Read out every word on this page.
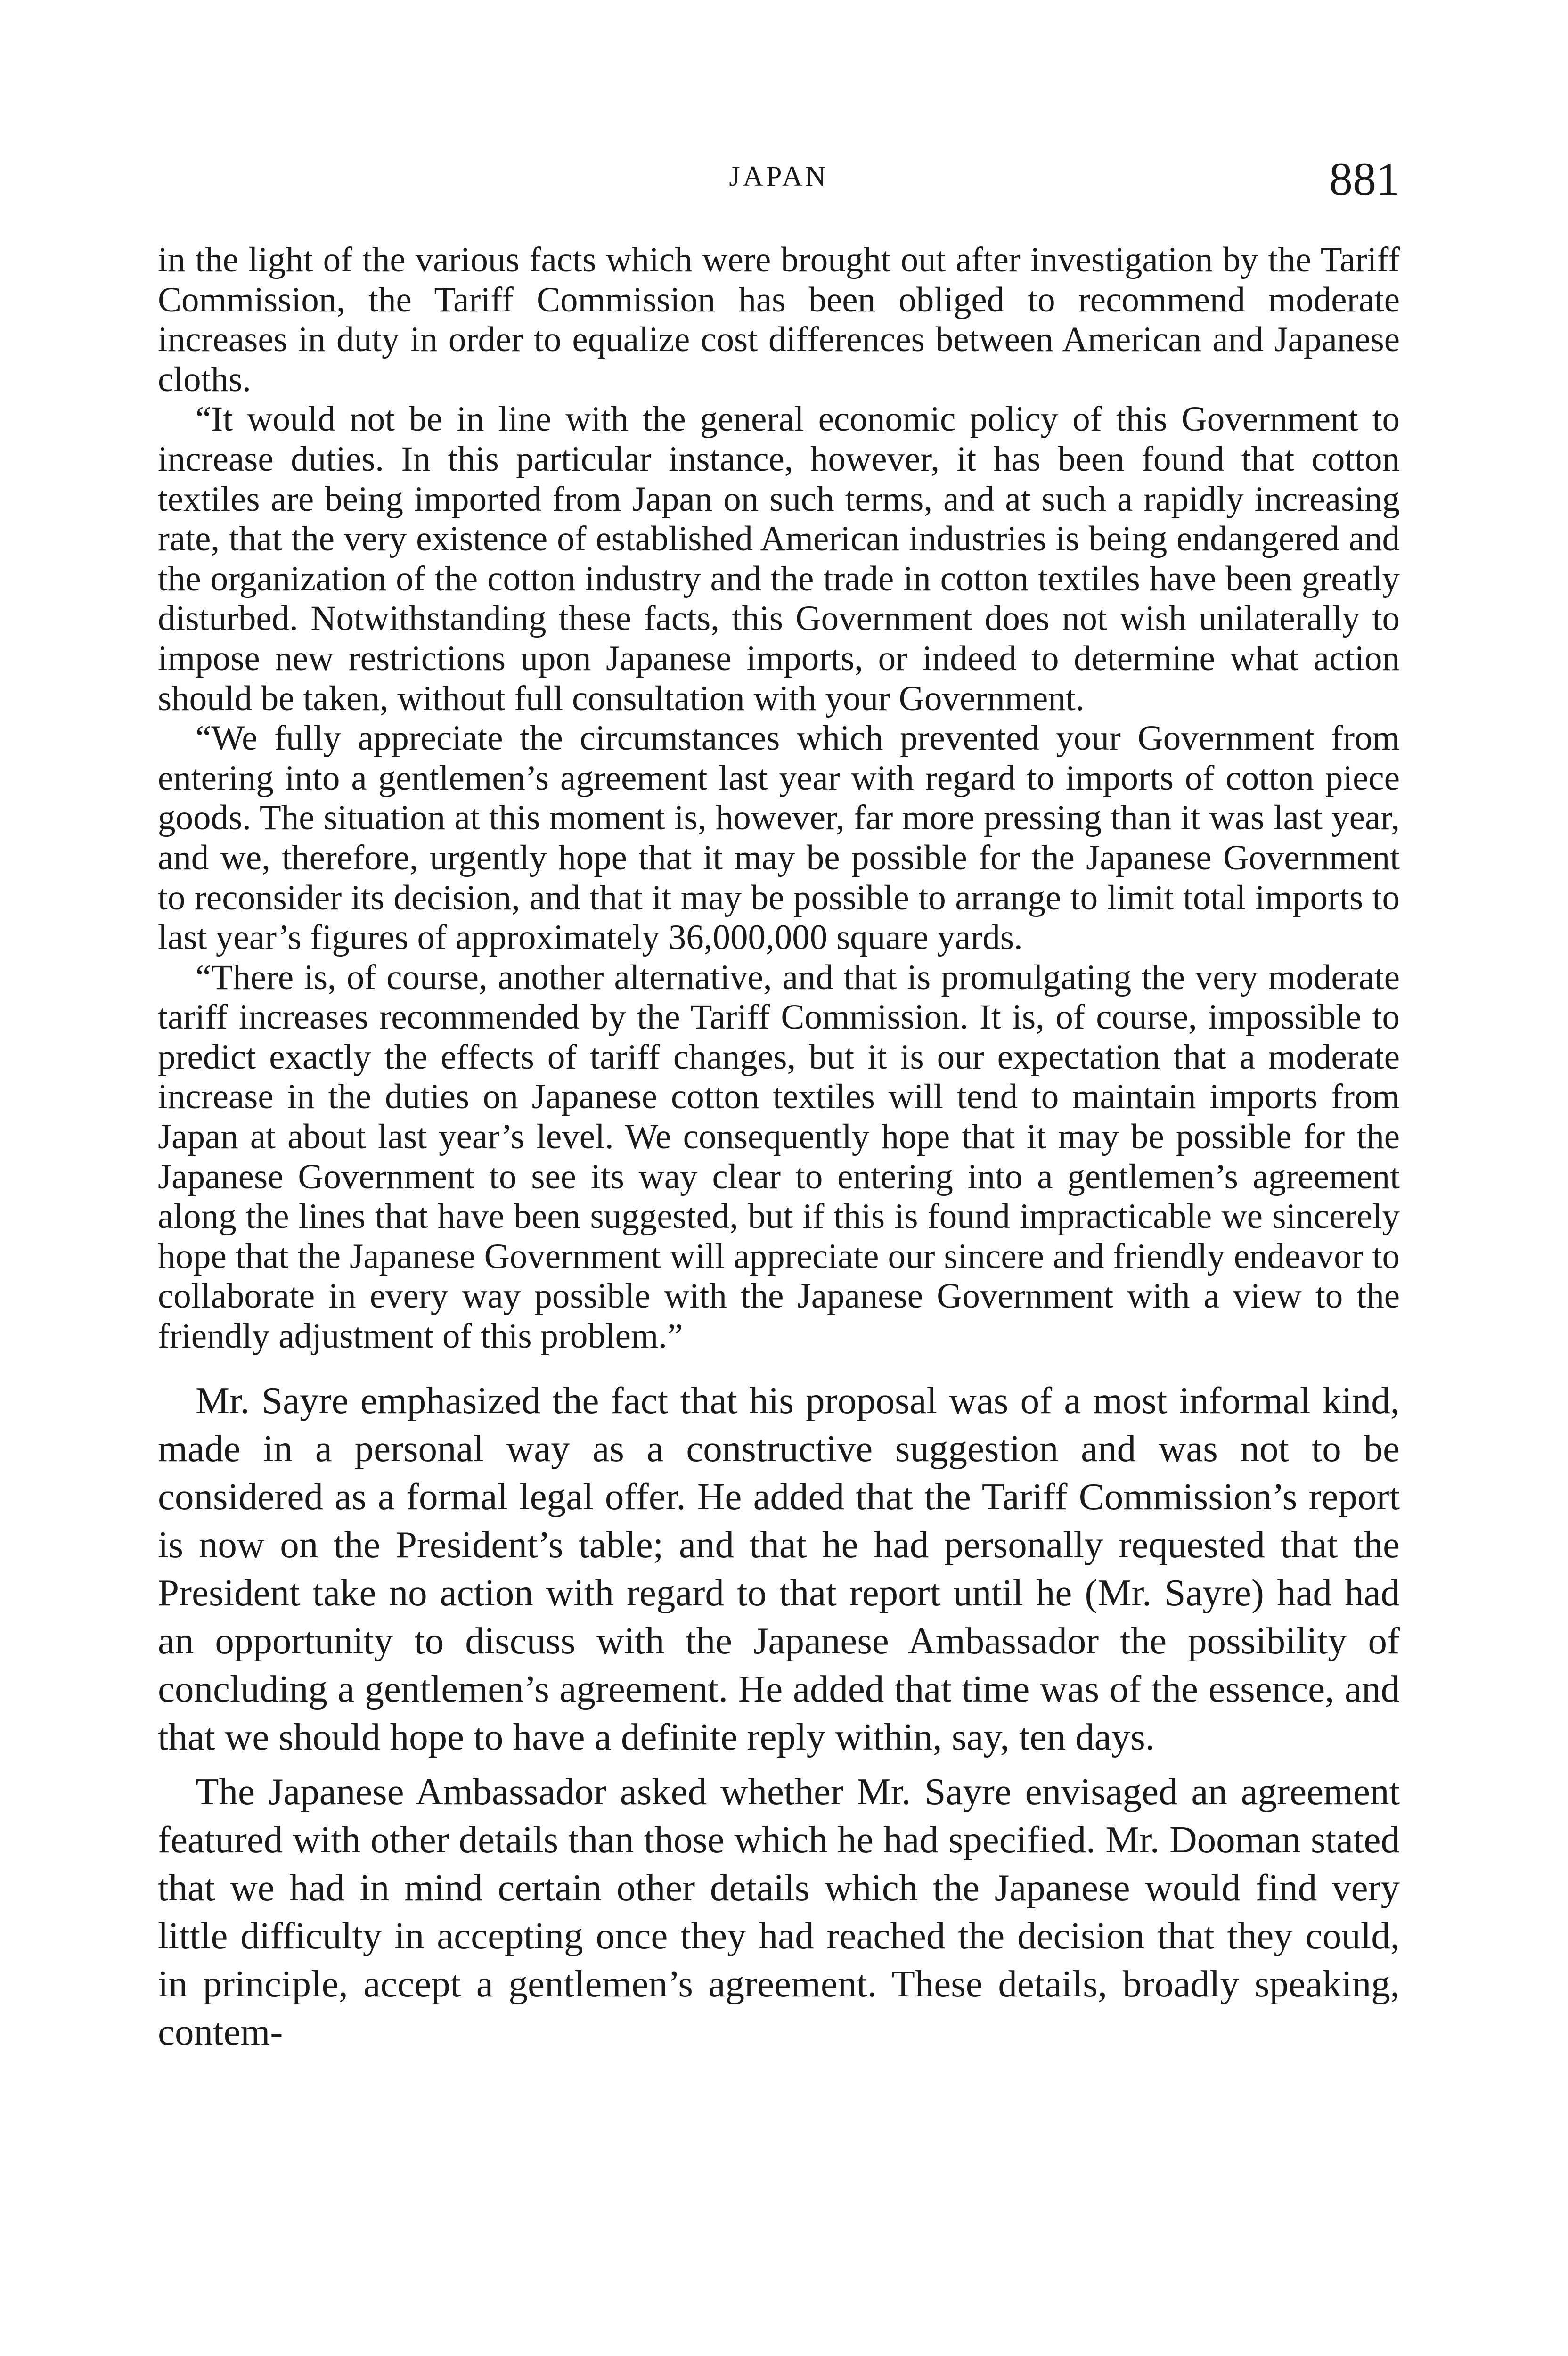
JAPAN	881

in the light of the various facts which were brought out after investigation by the Tariff Commission, the Tariff Commission has been obliged to recommend moderate increases in duty in order to equalize cost differences between American and Japanese cloths.

“It would not be in line with the general economic policy of this Government to increase duties. In this particular instance, however, it has been found that cotton textiles are being imported from Japan on such terms, and at such a rapidly increasing rate, that the very existence of established American industries is being endangered and the organization of the cotton industry and the trade in cotton textiles have been greatly disturbed. Notwithstanding these facts, this Government does not wish unilaterally to impose new restrictions upon Japanese imports, or indeed to determine what action should be taken, without full consultation with your Government.

“We fully appreciate the circumstances which prevented your Government from entering into a gentlemen’s agreement last year with regard to imports of cotton piece goods. The situation at this moment is, however, far more pressing than it was last year, and we, therefore, urgently hope that it may be possible for the Japanese Government to reconsider its decision, and that it may be possible to arrange to limit total imports to last year’s figures of approximately 36,000,000 square yards.

“There is, of course, another alternative, and that is promulgating the very moderate tariff increases recommended by the Tariff Commission. It is, of course, impossible to predict exactly the effects of tariff changes, but it is our expectation that a moderate increase in the duties on Japanese cotton textiles will tend to maintain imports from Japan at about last year’s level. We consequently hope that it may be possible for the Japanese Government to see its way clear to entering into a gentlemen’s agreement along the lines that have been suggested, but if this is found impracticable we sincerely hope that the Japanese Government will appreciate our sincere and friendly endeavor to collaborate in every way possible with the Japanese Government with a view to the friendly adjustment of this problem.”

Mr. Sayre emphasized the fact that his proposal was of a most informal kind, made in a personal way as a constructive suggestion and was not to be considered as a formal legal offer. He added that the Tariff Commission’s report is now on the President’s table; and that he had personally requested that the President take no action with regard to that report until he (Mr. Sayre) had had an opportunity to discuss with the Japanese Ambassador the possibility of concluding a gentlemen’s agreement. He added that time was of the essence, and that we should hope to have a definite reply within, say, ten days.

The Japanese Ambassador asked whether Mr. Sayre envisaged an agreement featured with other details than those which he had specified. Mr. Dooman stated that we had in mind certain other details which the Japanese would find very little difficulty in accepting once they had reached the decision that they could, in principle, accept a gentlemen’s agreement. These details, broadly speaking, contem-
